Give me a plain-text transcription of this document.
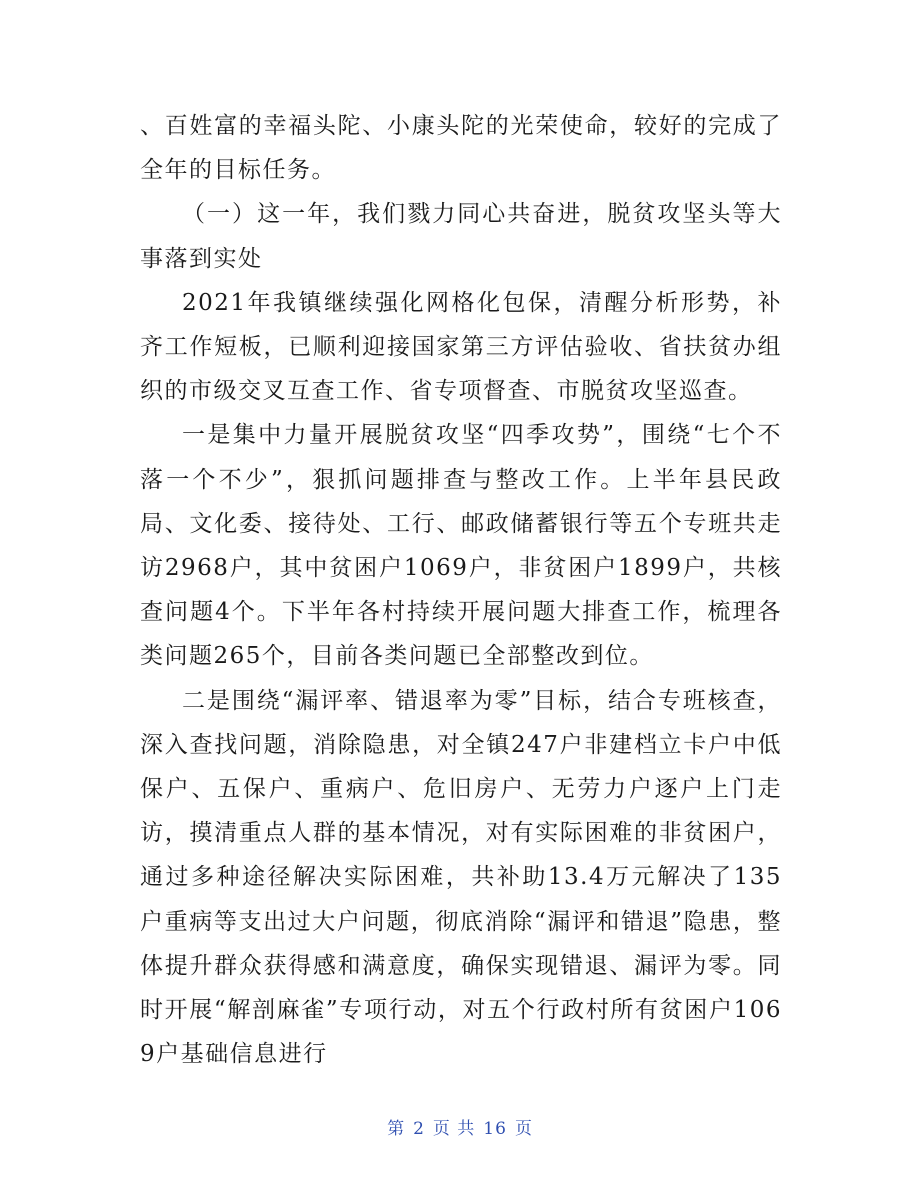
、百姓富的幸福头陀、小康头陀的光荣使命，较好的完成了全年的目标任务。

（一）这一年，我们戮力同心共奋进，脱贫攻坚头等大事落到实处

2021年我镇继续强化网格化包保，清醒分析形势，补齐工作短板，已顺利迎接国家第三方评估验收、省扶贫办组织的市级交叉互查工作、省专项督查、市脱贫攻坚巡查。

一是集中力量开展脱贫攻坚“四季攻势”，围绕“七个不落一个不少”，狠抓问题排查与整改工作。上半年县民政局、文化委、接待处、工行、邮政储蓄银行等五个专班共走访2968户，其中贫困户1069户，非贫困户1899户，共核查问题4个。下半年各村持续开展问题大排查工作，梳理各类问题265个，目前各类问题已全部整改到位。

二是围绕“漏评率、错退率为零”目标，结合专班核查，深入查找问题，消除隐患，对全镇247户非建档立卡户中低保户、五保户、重病户、危旧房户、无劳力户逐户上门走访，摸清重点人群的基本情况，对有实际困难的非贫困户，通过多种途径解决实际困难，共补助13.4万元解决了135户重病等支出过大户问题，彻底消除“漏评和错退”隐患，整体提升群众获得感和满意度，确保实现错退、漏评为零。同时开展“解剖麻雀”专项行动，对五个行政村所有贫困户1069户基础信息进行

第 2 页 共 16 页
